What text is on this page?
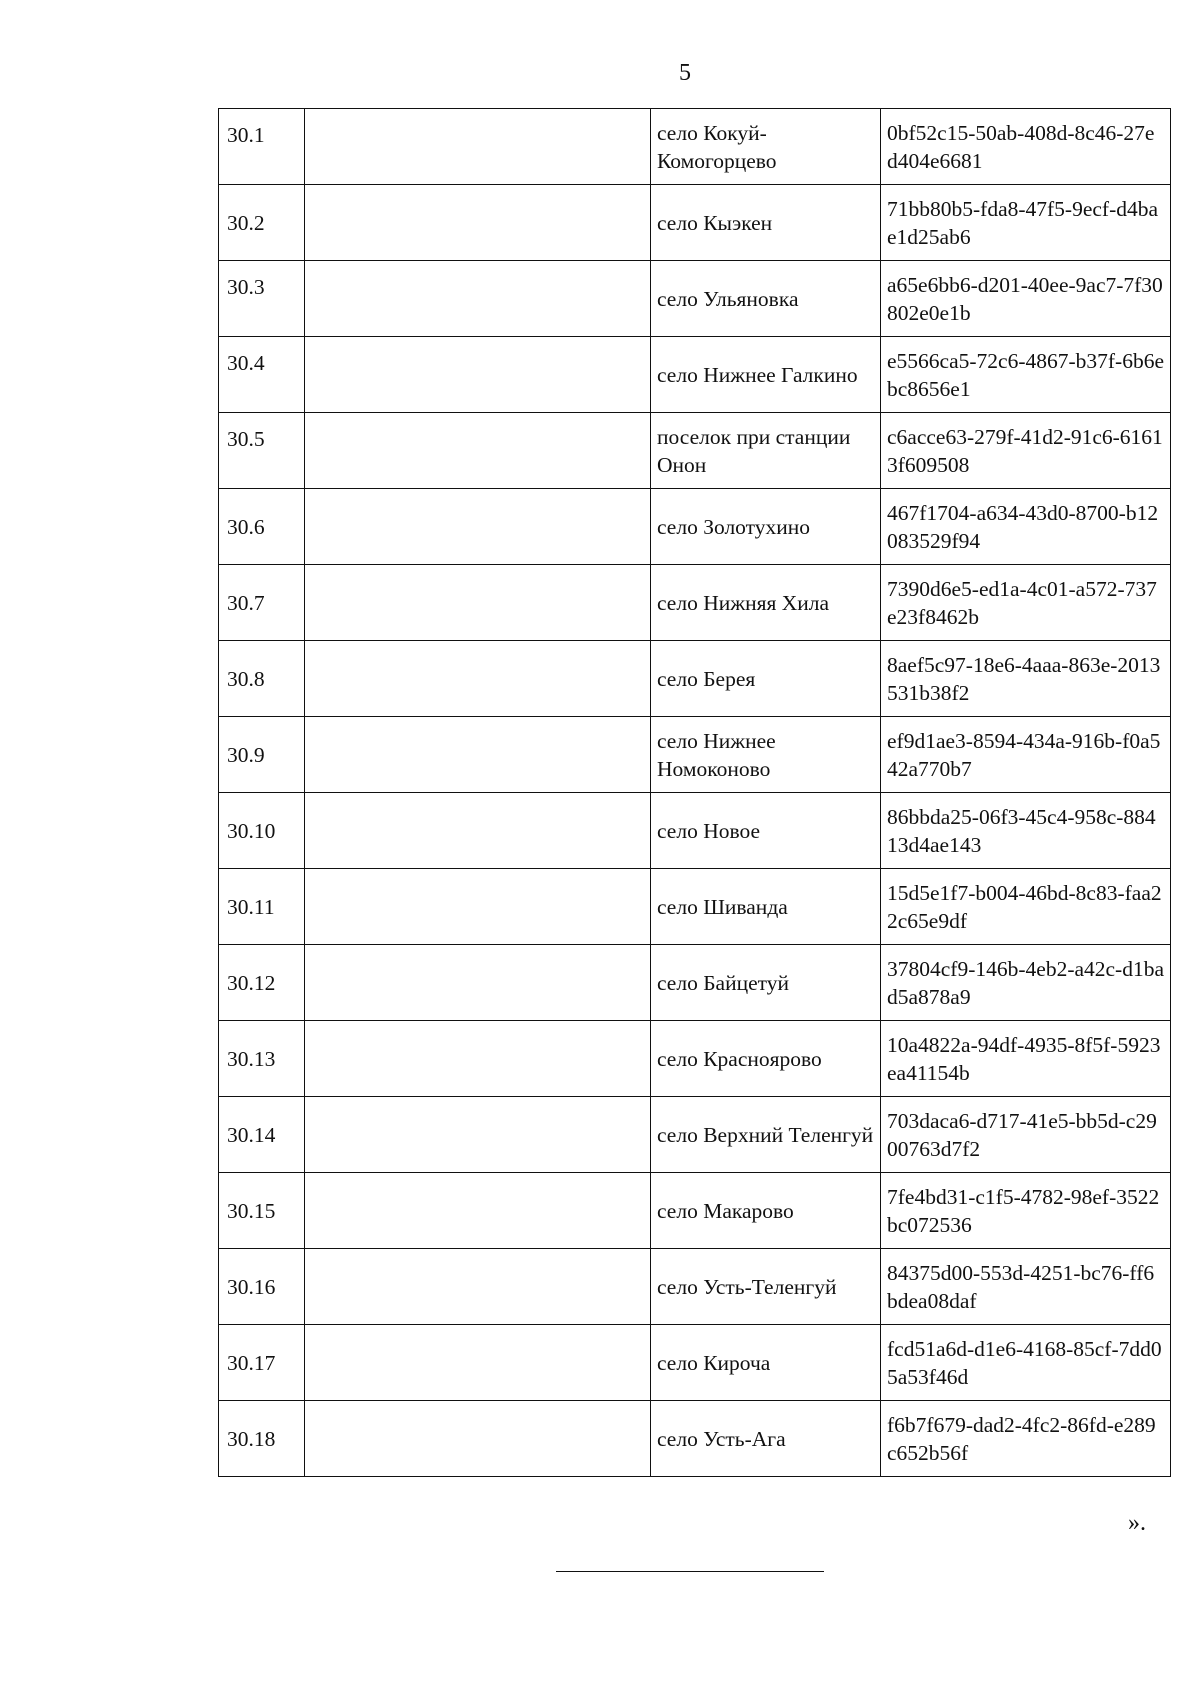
5
30.1		село Кокуй-Комогорцево	0bf52c15-50ab-408d-8c46-27ed404e6681
30.2		село Кыэкен	71bb80b5-fda8-47f5-9ecf-d4bae1d25ab6
30.3		село Ульяновка	a65e6bb6-d201-40ee-9ac7-7f30802e0e1b
30.4		село Нижнее Галкино	e5566ca5-72c6-4867-b37f-6b6ebc8656e1
30.5		поселок при станции Онон	c6acce63-279f-41d2-91c6-61613f609508
30.6		село Золотухино	467f1704-a634-43d0-8700-b12083529f94
30.7		село Нижняя Хила	7390d6e5-ed1a-4c01-a572-737e23f8462b
30.8		село Берея	8aef5c97-18e6-4aaa-863e-2013531b38f2
30.9		село Нижнее Номоконово	ef9d1ae3-8594-434a-916b-f0a542a770b7
30.10		село Новое	86bbda25-06f3-45c4-958c-88413d4ae143
30.11		село Шиванда	15d5e1f7-b004-46bd-8c83-faa22c65e9df
30.12		село Байцетуй	37804cf9-146b-4eb2-a42c-d1bad5a878a9
30.13		село Краснoярово	10a4822a-94df-4935-8f5f-5923ea41154b
30.14		село Верхний Теленгуй	703daca6-d717-41e5-bb5d-c2900763d7f2
30.15		село Макарово	7fe4bd31-c1f5-4782-98ef-3522bc072536
30.16		село Усть-Теленгуй	84375d00-553d-4251-bc76-ff6bdea08daf
30.17		село Кироча	fcd51a6d-d1e6-4168-85cf-7dd05a53f46d
30.18		село Усть-Ага	f6b7f679-dad2-4fc2-86fd-e289c652b56f
».
